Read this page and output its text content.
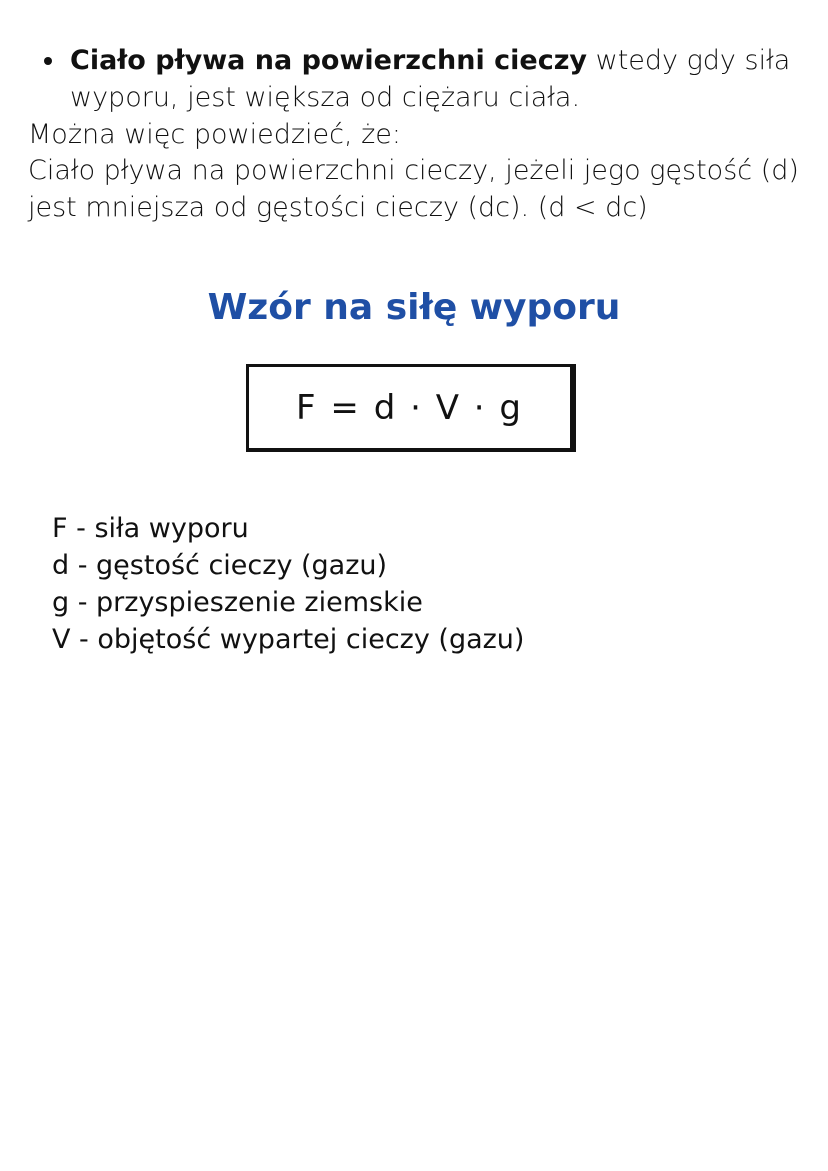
Ciało pływa na powierzchni cieczy wtedy gdy siła wyporu, jest większa od ciężaru ciała.

Można więc powiedzieć, że:

Ciało pływa na powierzchni cieczy, jeżeli jego gęstość (d) jest mniejsza od gęstości cieczy (dc). (d < dc)

Wzór na siłę wyporu
F = d · V · g
F - siła wyporu
d - gęstość cieczy (gazu)
g - przyspieszenie ziemskie
V - objętość wypartej cieczy (gazu)
